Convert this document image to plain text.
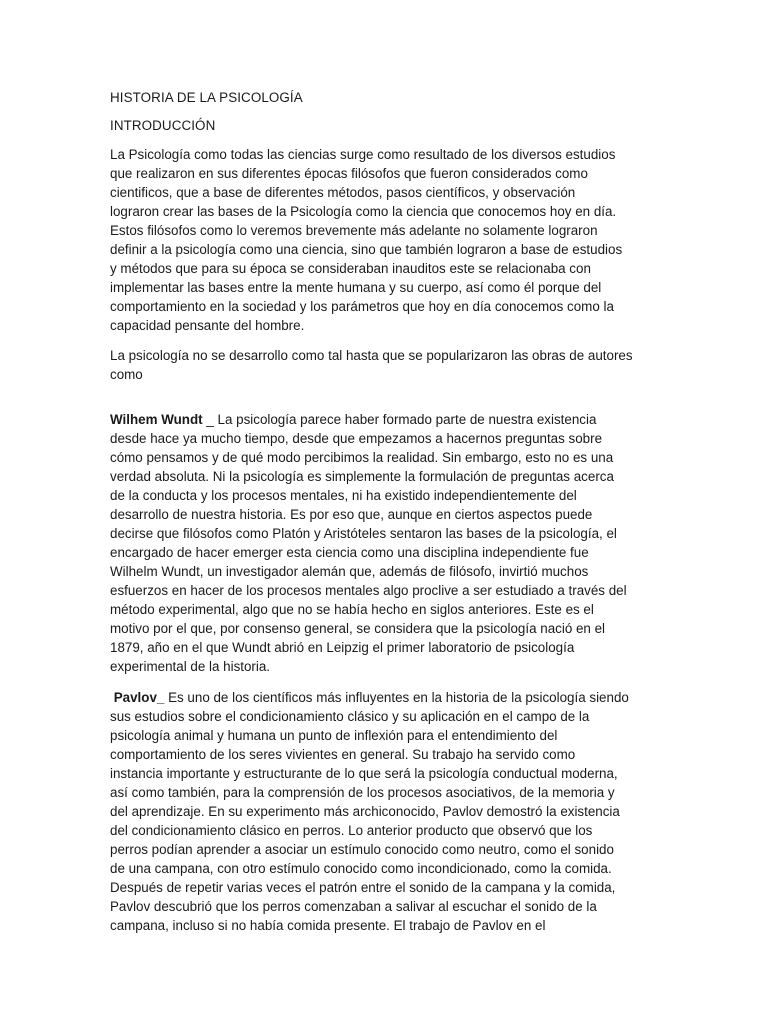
HISTORIA DE LA PSICOLOGÍA
INTRODUCCIÓN
La Psicología como todas las ciencias surge como resultado de los diversos estudios
que realizaron en sus diferentes épocas filósofos que fueron considerados como
cientificos, que a base de diferentes métodos, pasos científicos, y observación
lograron crear las bases de la Psicología como la ciencia que conocemos hoy en día.
Estos filósofos como lo veremos brevemente más adelante no solamente lograron
definir a la psicología como una ciencia, sino que también lograron a base de estudios
y métodos que para su época se consideraban inauditos este se relacionaba con
implementar las bases entre la mente humana y su cuerpo, así como él porque del
comportamiento en la sociedad y los parámetros que hoy en día conocemos como la
capacidad pensante del hombre.
La psicología no se desarrollo como tal hasta que se popularizaron las obras de autores
como
Wilhem Wundt _ La psicología parece haber formado parte de nuestra existencia
desde hace ya mucho tiempo, desde que empezamos a hacernos preguntas sobre
cómo pensamos y de qué modo percibimos la realidad. Sin embargo, esto no es una
verdad absoluta. Ni la psicología es simplemente la formulación de preguntas acerca
de la conducta y los procesos mentales, ni ha existido independientemente del
desarrollo de nuestra historia. Es por eso que, aunque en ciertos aspectos puede
decirse que filósofos como Platón y Aristóteles sentaron las bases de la psicología, el
encargado de hacer emerger esta ciencia como una disciplina independiente fue
Wilhelm Wundt, un investigador alemán que, además de filósofo, invirtió muchos
esfuerzos en hacer de los procesos mentales algo proclive a ser estudiado a través del
método experimental, algo que no se había hecho en siglos anteriores. Este es el
motivo por el que, por consenso general, se considera que la psicología nació en el
1879, año en el que Wundt abrió en Leipzig el primer laboratorio de psicología
experimental de la historia.
Pavlov_ Es uno de los científicos más influyentes en la historia de la psicología siendo
sus estudios sobre el condicionamiento clásico y su aplicación en el campo de la
psicología animal y humana un punto de inflexión para el entendimiento del
comportamiento de los seres vivientes en general. Su trabajo ha servido como
instancia importante y estructurante de lo que será la psicología conductual moderna,
así como también, para la comprensión de los procesos asociativos, de la memoria y
del aprendizaje. En su experimento más archiconocido, Pavlov demostró la existencia
del condicionamiento clásico en perros. Lo anterior producto que observó que los
perros podían aprender a asociar un estímulo conocido como neutro, como el sonido
de una campana, con otro estímulo conocido como incondicionado, como la comida.
Después de repetir varias veces el patrón entre el sonido de la campana y la comida,
Pavlov descubrió que los perros comenzaban a salivar al escuchar el sonido de la
campana, incluso si no había comida presente. El trabajo de Pavlov en el
